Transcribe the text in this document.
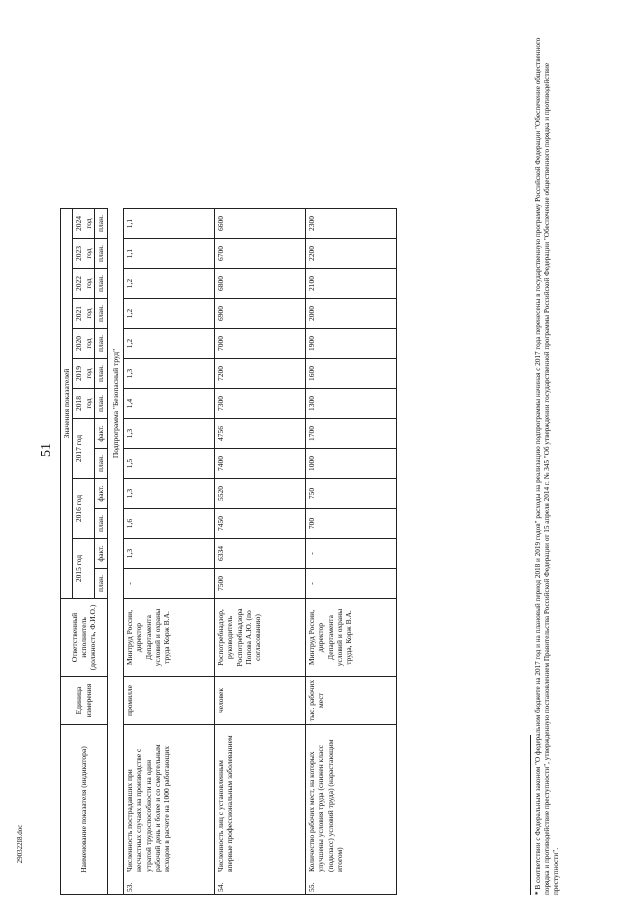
51
290322I8.doc	Наименование показателя (индикатора)	Единица измерения	Ответственный исполнитель (должность, Ф.И.О.)	Значения показателей												
			2015 год		2016 год		2017 год		2018 год	2019 год	2020 год	2021 год	2022 год	2023 год	2024 год
			план.	факт.	план.	факт.	план.	факт.	план.	план.	план.	план.	план.	план.	план.
			Подпрограмма "Безопасный труд"												
53.Численность пострадавших при несчастных случаях на производстве с утратой трудоспособности на один рабочий день и более и со смертельным исходом в расчете на 1000 работающих	промилле	Минтруд России, директор Департамента условий и охраны труда Корж В.А.	-	1,3	1,6	1,3	1,5	1,3	1,4	1,3	1,2	1,2	1,2	1,1	1,1
54.Численность лиц с установленным впервые профессиональным заболеванием	человек	Роспотребнадзор, руководитель Роспотребнадзора Попова А.Ю. (по согласованию)	7500	6334	7450	5520	7400	4756	7300	7200	7000	6900	6800	6700	6600
55.Количество рабочих мест, на которых улучшены условия труда (снижен класс (подкласс) условий труда) (нарастающим итогом)	тыс. рабочих мест	Минтруд России, директор Департамента условий и охраны труда, Корж В.А.	-	-	700	750	1000	1700	1300	1600	1900	2000	2100	2200	2300
* В соответствии с Федеральным законом "О федеральном бюджете на 2017 год и на плановый период 2018 и 2019 годов" расходы на реализацию подпрограммы начиная с 2017 года перенесены в государственную программу Российской Федерации "Обеспечение общественного порядка и противодействие преступности", утвержденную постановлением Правительства Российской Федерации от 15 апреля 2014 г. № 345 "Об утверждении государственной программы Российской Федерации "Обеспечение общественного порядка и противодействие преступности".
